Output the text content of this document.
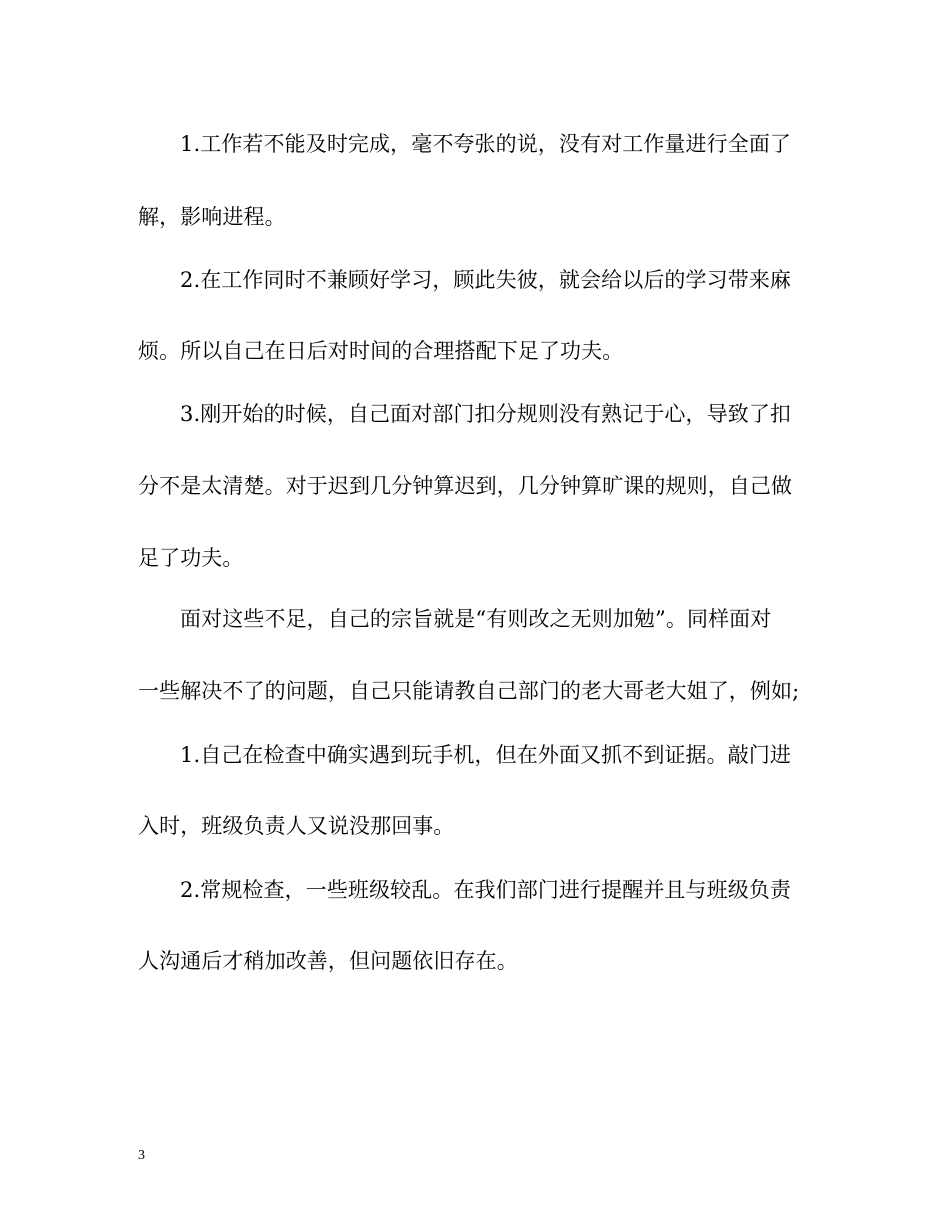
1.工作若不能及时完成，毫不夸张的说，没有对工作量进行全面了
解，影响进程。
2.在工作同时不兼顾好学习，顾此失彼，就会给以后的学习带来麻
烦。所以自己在日后对时间的合理搭配下足了功夫。
3.刚开始的时候，自己面对部门扣分规则没有熟记于心，导致了扣
分不是太清楚。对于迟到几分钟算迟到，几分钟算旷课的规则，自己做
足了功夫。
面对这些不足，自己的宗旨就是“有则改之无则加勉”。同样面对
一些解决不了的问题，自己只能请教自己部门的老大哥老大姐了，例如;
1.自己在检查中确实遇到玩手机，但在外面又抓不到证据。敲门进
入时，班级负责人又说没那回事。
2.常规检查，一些班级较乱。在我们部门进行提醒并且与班级负责
人沟通后才稍加改善，但问题依旧存在。
3
